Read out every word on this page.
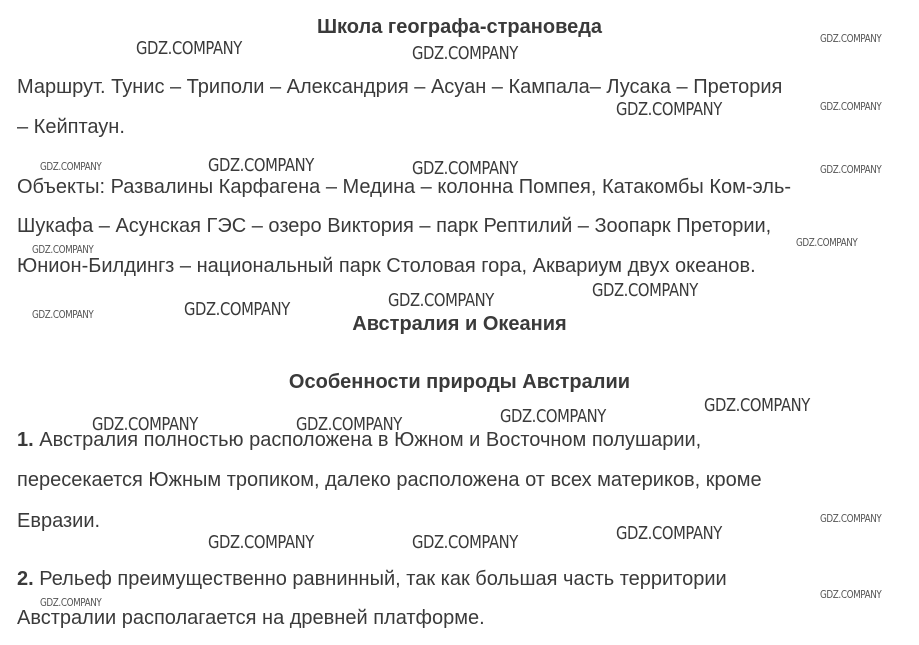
Школа географа-страноведа
Маршрут. Тунис – Триполи – Александрия – Асуан – Кампала– Лусака – Претория
– Кейптаун.
Объекты: Развалины Карфагена – Медина – колонна Помпея, Катакомбы Ком-эль-
Шукафа – Асунская ГЭС – озеро Виктория – парк Рептилий – Зоопарк Претории,
Юнион-Билдингз – национальный парк Столовая гора, Аквариум двух океанов.
Австралия и Океания
Особенности природы Австралии
1. Австралия полностью расположена в Южном и Восточном полушарии,
пересекается Южным тропиком, далеко расположена от всех материков, кроме
Евразии.
2. Рельеф преимущественно равнинный, так как большая часть территории
Австралии располагается на древней платформе.
GDZ.COMPANY	GDZ.COMPANY
GDZ.COMPANY
GDZ.COMPANY	GDZ.COMPANY
GDZ.COMPANY	GDZ.COMPANY	GDZ.COMPANY	GDZ.COMPANY
GDZ.COMPANY
GDZ.COMPANY
GDZ.COMPANY
GDZ.COMPANY
GDZ.COMPANY
GDZ.COMPANY
GDZ.COMPANY
GDZ.COMPANY
GDZ.COMPANY	GDZ.COMPANY
GDZ.COMPANY
GDZ.COMPANY
GDZ.COMPANY	GDZ.COMPANY
GDZ.COMPANY
GDZ.COMPANY
